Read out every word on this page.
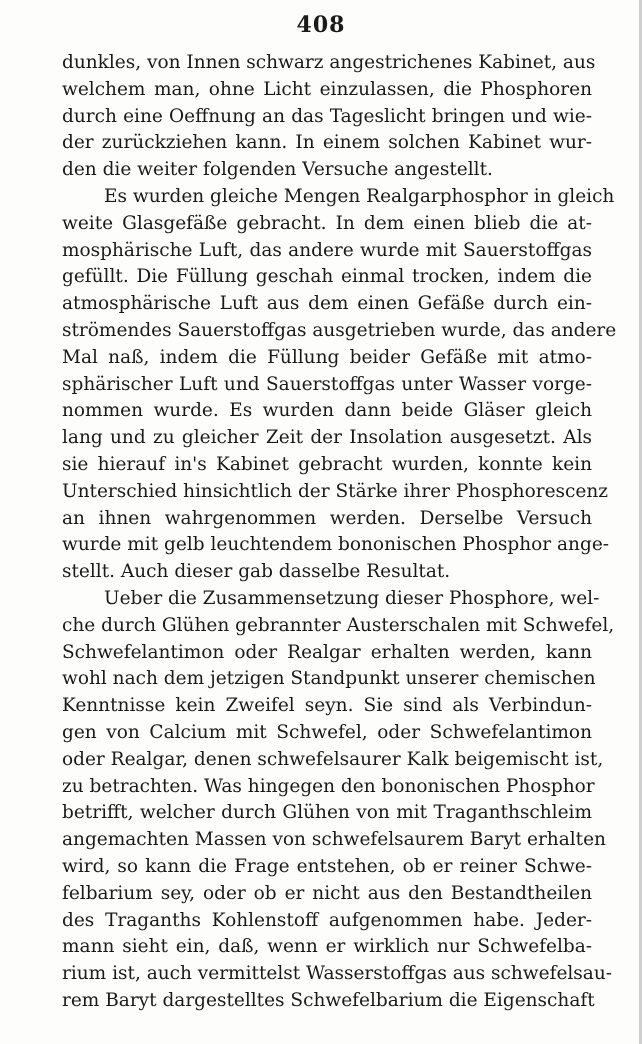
408
dunkles, von Innen schwarz angestrichenes Kabinet, aus
welchem man, ohne Licht einzulassen, die Phosphoren
durch eine Oeffnung an das Tageslicht bringen und wie-
der zurückziehen kann. In einem solchen Kabinet wur-
den die weiter folgenden Versuche angestellt.
Es wurden gleiche Mengen Realgarphosphor in gleich
weite Glasgefäße gebracht. In dem einen blieb die at-
mosphärische Luft, das andere wurde mit Sauerstoffgas
gefüllt. Die Füllung geschah einmal trocken, indem die
atmosphärische Luft aus dem einen Gefäße durch ein-
strömendes Sauerstoffgas ausgetrieben wurde, das andere
Mal naß, indem die Füllung beider Gefäße mit atmo-
sphärischer Luft und Sauerstoffgas unter Wasser vorge-
nommen wurde. Es wurden dann beide Gläser gleich
lang und zu gleicher Zeit der Insolation ausgesetzt. Als
sie hierauf in's Kabinet gebracht wurden, konnte kein
Unterschied hinsichtlich der Stärke ihrer Phosphorescenz
an ihnen wahrgenommen werden. Derselbe Versuch
wurde mit gelb leuchtendem bononischen Phosphor ange-
stellt. Auch dieser gab dasselbe Resultat.
Ueber die Zusammensetzung dieser Phosphore, wel-
che durch Glühen gebrannter Austerschalen mit Schwefel,
Schwefelantimon oder Realgar erhalten werden, kann
wohl nach dem jetzigen Standpunkt unserer chemischen
Kenntnisse kein Zweifel seyn. Sie sind als Verbindun-
gen von Calcium mit Schwefel, oder Schwefelantimon
oder Realgar, denen schwefelsaurer Kalk beigemischt ist,
zu betrachten. Was hingegen den bononischen Phosphor
betrifft, welcher durch Glühen von mit Traganthschleim
angemachten Massen von schwefelsaurem Baryt erhalten
wird, so kann die Frage entstehen, ob er reiner Schwe-
felbarium sey, oder ob er nicht aus den Bestandtheilen
des Traganths Kohlenstoff aufgenommen habe. Jeder-
mann sieht ein, daß, wenn er wirklich nur Schwefelba-
rium ist, auch vermittelst Wasserstoffgas aus schwefelsau-
rem Baryt dargestelltes Schwefelbarium die Eigenschaft
